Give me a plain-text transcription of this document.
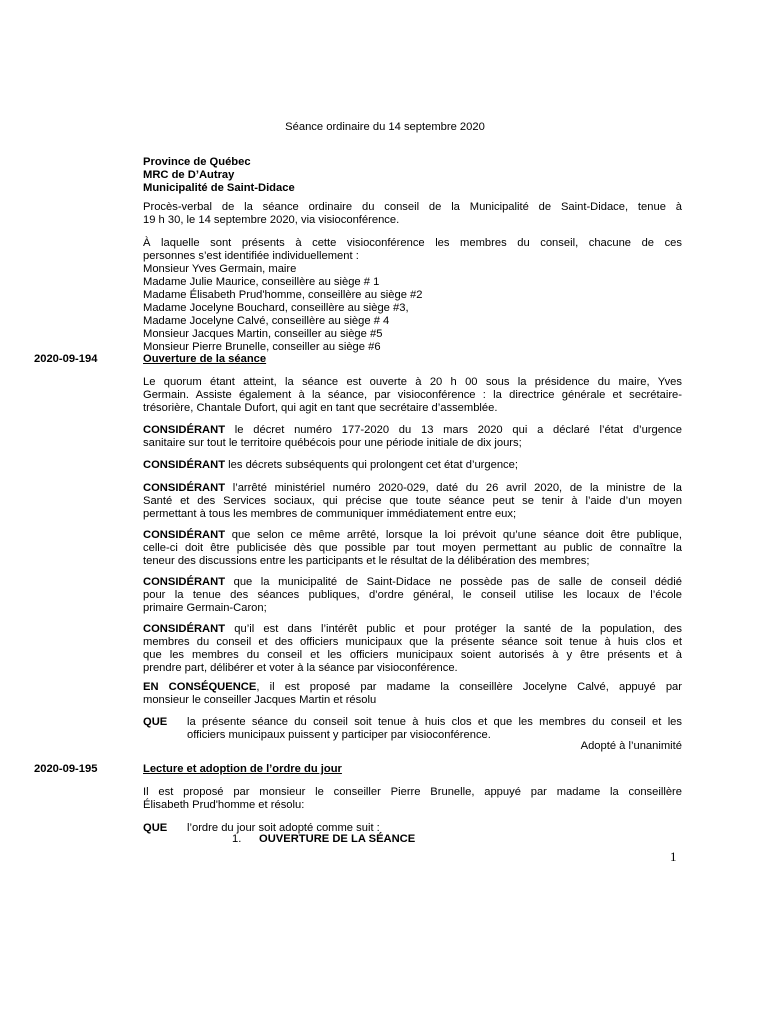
Séance ordinaire du 14 septembre 2020
Province de Québec
MRC de D’Autray
Municipalité de Saint-Didace
Procès-verbal de la séance ordinaire du conseil de la Municipalité de Saint-Didace, tenue à
19 h 30, le 14 septembre 2020, via visioconférence.
À laquelle sont présents à cette visioconférence les membres du conseil, chacune de ces
personnes s’est identifiée individuellement :
Monsieur Yves Germain, maire
Madame Julie Maurice, conseillère au siège # 1
Madame Élisabeth Prud'homme, conseillère au siège #2
Madame Jocelyne Bouchard, conseillère au siège #3,
Madame Jocelyne Calvé, conseillère au siège # 4
Monsieur Jacques Martin, conseiller au siège #5
Monsieur Pierre Brunelle, conseiller au siège #6
2020-09-194	Ouverture de la séance
Le quorum étant atteint, la séance est ouverte à 20 h 00 sous la présidence du maire, Yves
Germain. Assiste également à la séance, par visioconférence : la directrice générale et secrétaire-
trésorière, Chantale Dufort, qui agit en tant que secrétaire d’assemblée.
CONSIDÉRANT le décret numéro 177-2020 du 13 mars 2020 qui a déclaré l’état d’urgence
sanitaire sur tout le territoire québécois pour une période initiale de dix jours;
CONSIDÉRANT les décrets subséquents qui prolongent cet état d’urgence;
CONSIDÉRANT l’arrêté ministériel numéro 2020-029, daté du 26 avril 2020, de la ministre de la
Santé et des Services sociaux, qui précise que toute séance peut se tenir à l’aide d’un moyen
permettant à tous les membres de communiquer immédiatement entre eux;
CONSIDÉRANT que selon ce même arrêté, lorsque la loi prévoit qu’une séance doit être publique,
celle-ci doit être publicisée dès que possible par tout moyen permettant au public de connaître la
teneur des discussions entre les participants et le résultat de la délibération des membres;
CONSIDÉRANT que la municipalité de Saint-Didace ne possède pas de salle de conseil dédié
pour la tenue des séances publiques, d’ordre général, le conseil utilise les locaux de l’école
primaire Germain-Caron;
CONSIDÉRANT qu’il est dans l’intérêt public et pour protéger la santé de la population, des
membres du conseil et des officiers municipaux que la présente séance soit tenue à huis clos et
que les membres du conseil et les officiers municipaux soient autorisés à y être présents et à
prendre part, délibérer et voter à la séance par visioconférence.
EN CONSÉQUENCE, il est proposé par madame la conseillère Jocelyne Calvé, appuyé par
monsieur le conseiller Jacques Martin et résolu
QUE	la présente séance du conseil soit tenue à huis clos et que les membres du conseil et les
officiers municipaux puissent y participer par visioconférence.
Adopté à l’unanimité
2020-09-195	Lecture et adoption de l’ordre du jour
Il est proposé par monsieur le conseiller Pierre Brunelle, appuyé par madame la conseillère
Élisabeth Prud'homme et résolu:
QUE	l’ordre du jour soit adopté comme suit :
1.	OUVERTURE DE LA SÉANCE
1
